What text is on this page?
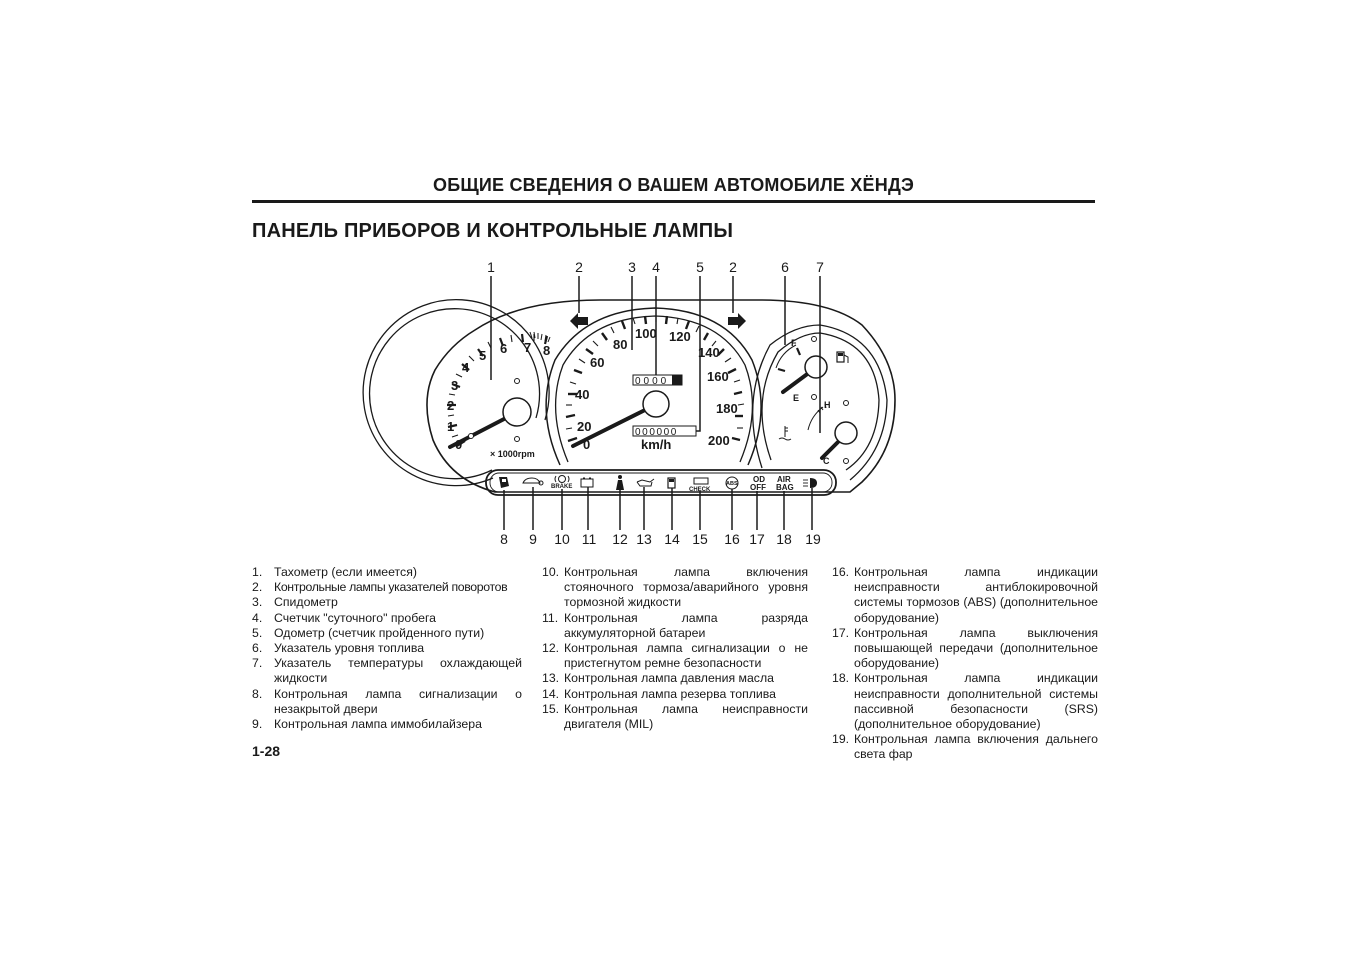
ОБЩИЕ СВЕДЕНИЯ О ВАШЕМ АВТОМОБИЛЕ ХЁНДЭ
ПАНЕЛЬ ПРИБОРОВ И КОНТРОЛЬНЫЕ ЛАМПЫ
0
1
2
3
4
5 6 7 8
× 1000rpm
0
20
40
60
80
100 120
140
160
180
200
km/h
0000
000000
F
E
H
C
BRAKE	CHECK
ABS OD
OFF
AIR
BAG
1	2	3 4	5 2	6 7
8 9 10 11 12 13 14 15 16 17 18 19
1. Тахометр (если имеется)
2. Контрольные лампы указателей поворотов
3. Спидометр
4. Счетчик "суточного" пробега
5. Одометр (счетчик пройденного пути)
6. Указатель уровня топлива
7. Указатель температуры охлаждающей жидкости
8. Контрольная лампа сигнализации о незакрытой двери
9. Контрольная лампа иммобилайзера
10. Контрольная лампа включения стояночного тормоза/аварийного уровня тормозной жидкости
11. Контрольная лампа разряда аккумуляторной батареи
12. Контрольная лампа сигнализации о не пристегнутом ремне безопасности
13. Контрольная лампа давления масла
14. Контрольная лампа резерва топлива
15. Контрольная лампа неисправности двигателя (MIL)
16. Контрольная лампа индикации неисправности антиблокировочной системы тормозов (ABS) (дополнительное оборудование)
17. Контрольная лампа выключения повышающей передачи (дополнительное оборудование)
18. Контрольная лампа индикации неисправности дополнительной системы пассивной безопасности (SRS) (дополнительное оборудование)
19. Контрольная лампа включения дальнего света фар
1-28
